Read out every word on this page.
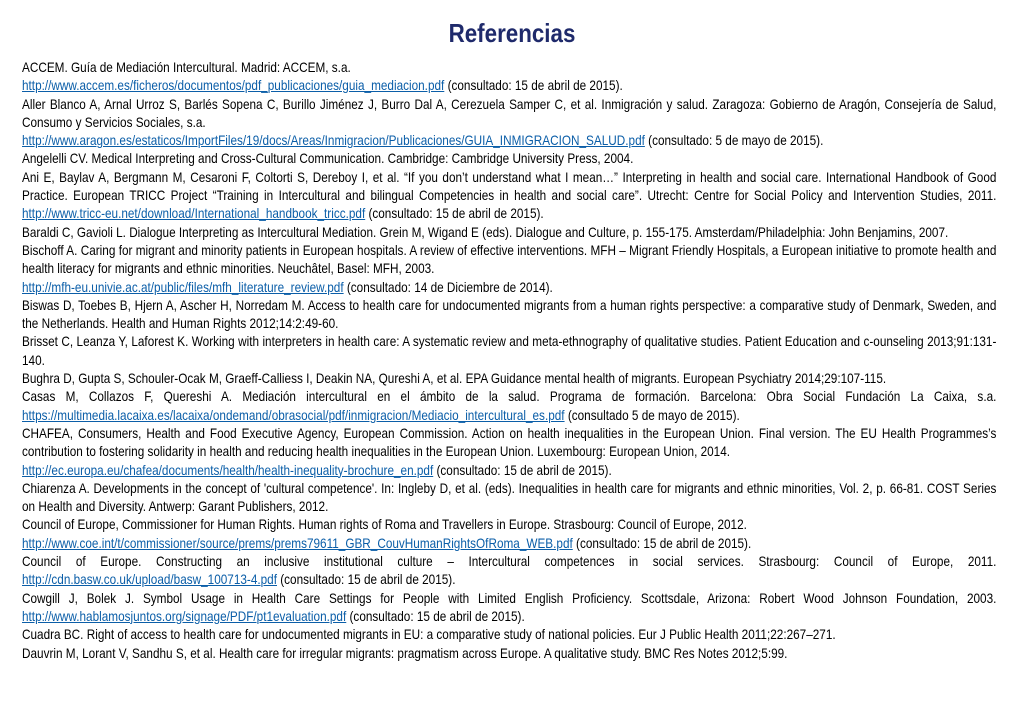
Referencias

ACCEM. Guía de Mediación Intercultural. Madrid: ACCEM, s.a.

http://www.accem.es/ficheros/documentos/pdf_publicaciones/guia_mediacion.pdf (consultado: 15 de abril de 2015).

Aller Blanco A, Arnal Urroz S, Barlés Sopena C, Burillo Jiménez J, Burro Dal A, Cerezuela Samper C, et al. Inmigración y salud. Zaragoza: Gobierno de Aragón, Consejería de Salud, Consumo y Servicios Sociales, s.a.

http://www.aragon.es/estaticos/ImportFiles/19/docs/Areas/Inmigracion/Publicaciones/GUIA_INMIGRACION_SALUD.pdf (consultado: 5 de mayo de 2015).

Angelelli CV. Medical Interpreting and Cross-Cultural Communication. Cambridge: Cambridge University Press, 2004.

Ani E, Baylav A, Bergmann M, Cesaroni F, Coltorti S, Dereboy I, et al. “If you don’t understand what I mean…” Interpreting in health and social care. International Handbook of Good Practice. European TRICC Project “Training in Intercultural and bilingual Competencies in health and social care”. Utrecht: Centre for Social Policy and Intervention Studies, 2011. http://www.tricc-eu.net/download/International_handbook_tricc.pdf (consultado: 15 de abril de 2015).

Baraldi C, Gavioli L. Dialogue Interpreting as Intercultural Mediation. Grein M, Wigand E (eds). Dialogue and Culture, p. 155-175. Amsterdam/Philadelphia: John Benjamins, 2007.

Bischoff A. Caring for migrant and minority patients in European hospitals. A review of effective interventions. MFH – Migrant Friendly Hospitals, a European initiative to promote health and health literacy for migrants and ethnic minorities. Neuchâtel, Basel: MFH, 2003.

http://mfh-eu.univie.ac.at/public/files/mfh_literature_review.pdf (consultado: 14 de Diciembre de 2014).

Biswas D, Toebes B, Hjern A, Ascher H, Norredam M. Access to health care for undocumented migrants from a human rights perspective: a comparative study of Denmark, Sweden, and the Netherlands. Health and Human Rights 2012;14:2:49-60.

Brisset C, Leanza Y, Laforest K. Working with interpreters in health care: A systematic review and meta-ethnography of qualitative studies. Patient Education and c-ounseling 2013;91:131-140.

Bughra D, Gupta S, Schouler-Ocak M, Graeff-Calliess I, Deakin NA, Qureshi A, et al. EPA Guidance mental health of migrants. European Psychiatry 2014;29:107-115.

Casas M, Collazos F, Quereshi A. Mediación intercultural en el ámbito de la salud. Programa de formación. Barcelona: Obra Social Fundación La Caixa, s.a. https://multimedia.lacaixa.es/lacaixa/ondemand/obrasocial/pdf/inmigracion/Mediacio_intercultural_es.pdf (consultado 5 de mayo de 2015).

CHAFEA, Consumers, Health and Food Executive Agency, European Commission. Action on health inequalities in the European Union. Final version. The EU Health Programmes’s contribution to fostering solidarity in health and reducing health inequalities in the European Union. Luxembourg: European Union, 2014.

http://ec.europa.eu/chafea/documents/health/health-inequality-brochure_en.pdf (consultado: 15 de abril de 2015).

Chiarenza A. Developments in the concept of 'cultural competence'. In: Ingleby D, et al. (eds). Inequalities in health care for migrants and ethnic minorities, Vol. 2, p. 66-81. COST Series on Health and Diversity. Antwerp: Garant Publishers, 2012.

Council of Europe, Commissioner for Human Rights. Human rights of Roma and Travellers in Europe. Strasbourg: Council of Europe, 2012.

http://www.coe.int/t/commissioner/source/prems/prems79611_GBR_CouvHumanRightsOfRoma_WEB.pdf (consultado: 15 de abril de 2015).

Council of Europe. Constructing an inclusive institutional culture – Intercultural competences in social services. Strasbourg: Council of Europe, 2011. http://cdn.basw.co.uk/upload/basw_100713-4.pdf (consultado: 15 de abril de 2015).

Cowgill J, Bolek J. Symbol Usage in Health Care Settings for People with Limited English Proficiency. Scottsdale, Arizona: Robert Wood Johnson Foundation, 2003. http://www.hablamosjuntos.org/signage/PDF/pt1evaluation.pdf (consultado: 15 de abril de 2015).

Cuadra BC. Right of access to health care for undocumented migrants in EU: a comparative study of national policies. Eur J Public Health 2011;22:267–271.

Dauvrin M, Lorant V, Sandhu S, et al. Health care for irregular migrants: pragmatism across Europe. A qualitative study. BMC Res Notes 2012;5:99.
